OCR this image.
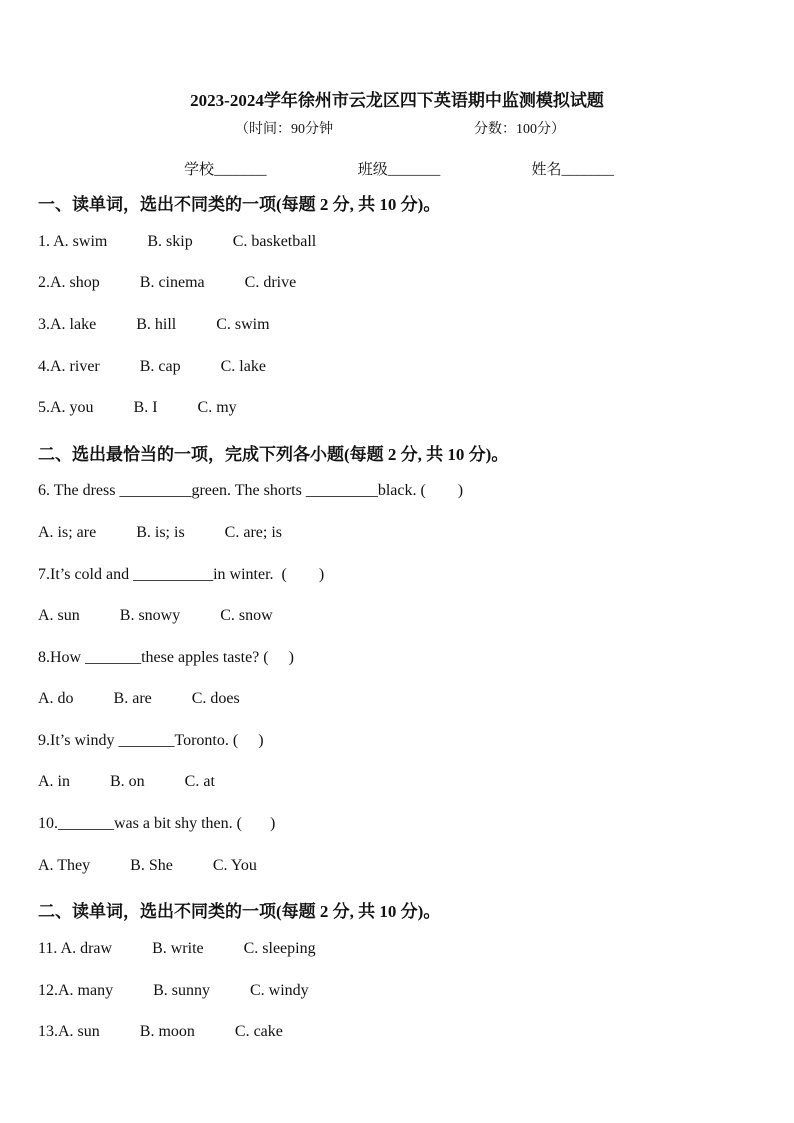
2023-2024学年徐州市云龙区四下英语期中监测模拟试题
（时间：90分钟	分数：100分）
学校_______	班级_______	姓名_______
一、读单词，选出不同类的一项(每题 2 分, 共 10 分)。
1. A. swim          B. skip          C. basketball
2.A. shop          B. cinema          C. drive
3.A. lake          B. hill          C. swim
4.A. river          B. cap          C. lake
5.A. you          B. I          C. my
二、选出最恰当的一项，完成下列各小题(每题 2 分, 共 10 分)。
6. The dress _________green. The shorts _________black. (        )
A. is; are          B. is; is          C. are; is
7.It’s cold and __________in winter.  (        )
A. sun          B. snowy          C. snow
8.How _______these apples taste? (     )
A. do          B. are          C. does
9.It’s windy _______Toronto. (     )
A. in          B. on          C. at
10._______was a bit shy then. (       )
A. They          B. She          C. You
二、读单词，选出不同类的一项(每题 2 分, 共 10 分)。
11. A. draw          B. write          C. sleeping
12.A. many          B. sunny          C. windy
13.A. sun          B. moon          C. cake
